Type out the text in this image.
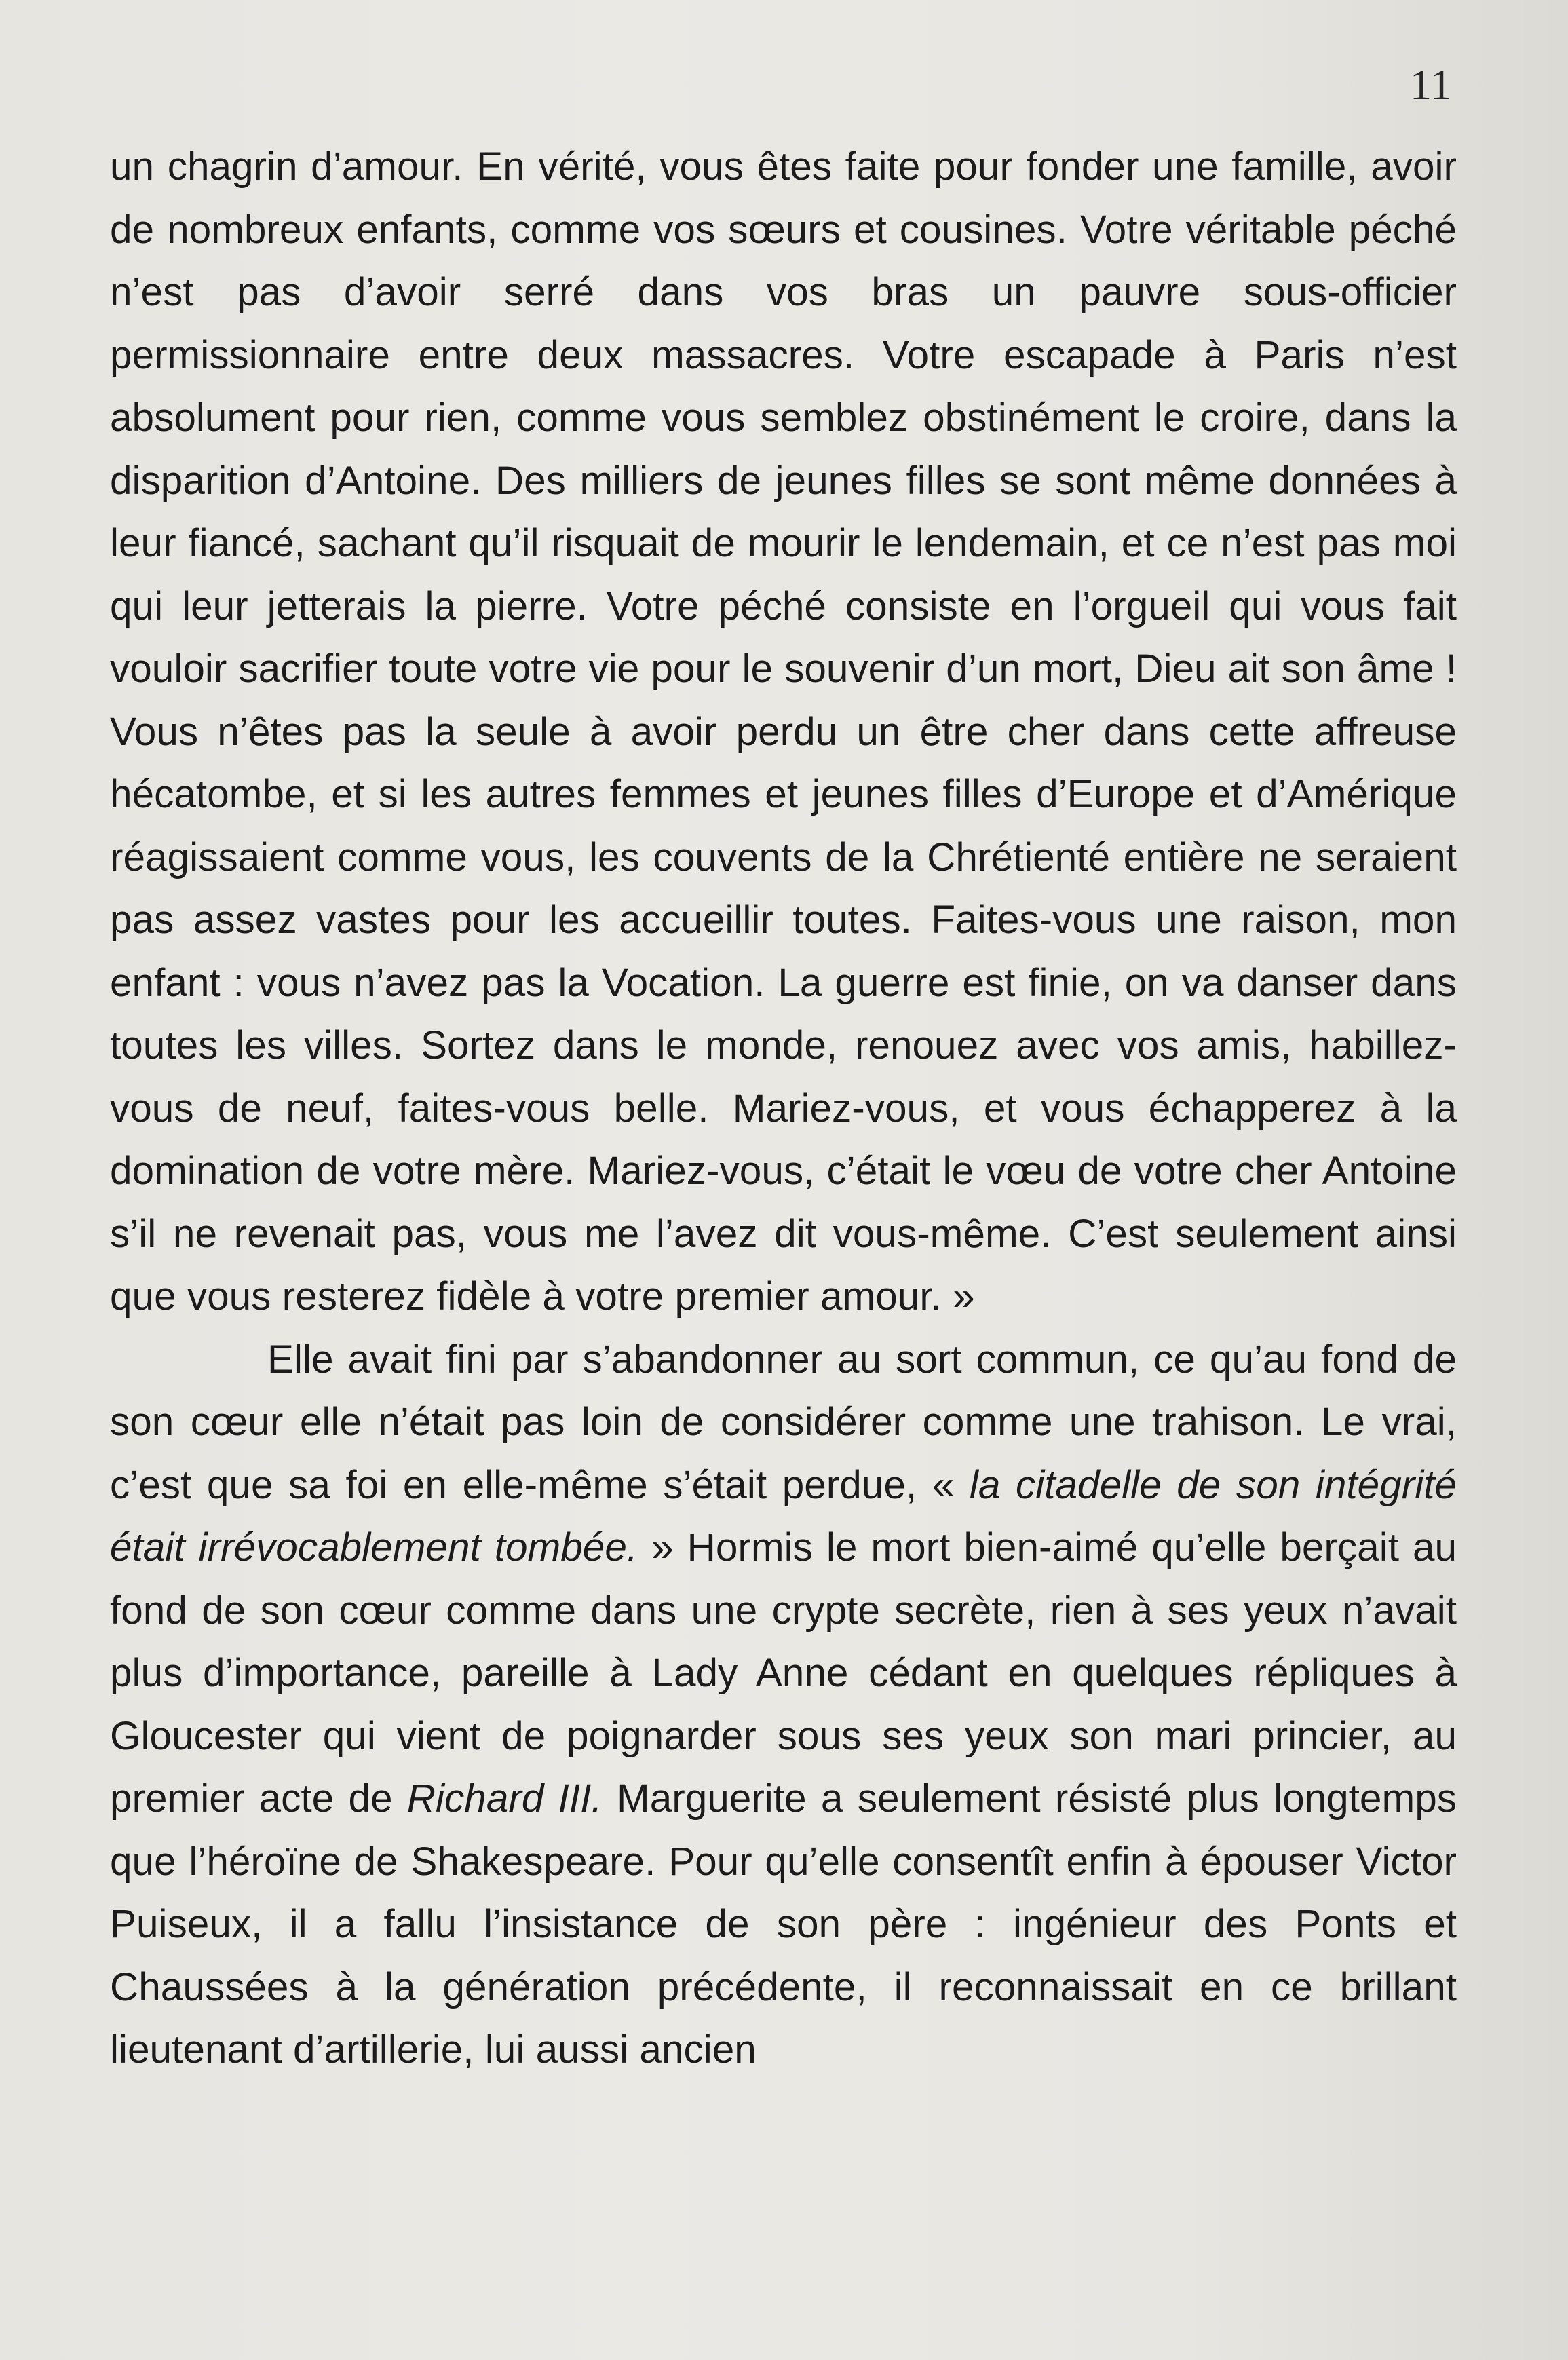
11

un chagrin d’amour. En vérité, vous êtes faite pour fonder une famille, avoir de nombreux enfants, comme vos sœurs et cousines. Votre véritable péché n’est pas d’avoir serré dans vos bras un pauvre sous-officier permissionnaire entre deux massacres. Votre escapade à Paris n’est absolument pour rien, comme vous semblez obstinément le croire, dans la disparition d’Antoine. Des milliers de jeunes filles se sont même données à leur fiancé, sachant qu’il risquait de mourir le lendemain, et ce n’est pas moi qui leur jetterais la pierre. Votre péché consiste en l’orgueil qui vous fait vouloir sacrifier toute votre vie pour le souvenir d’un mort, Dieu ait son âme ! Vous n’êtes pas la seule à avoir perdu un être cher dans cette affreuse hécatombe, et si les autres femmes et jeunes filles d’Europe et d’Amérique réagissaient comme vous, les couvents de la Chrétienté entière ne seraient pas assez vastes pour les accueillir toutes. Faites-vous une raison, mon enfant : vous n’avez pas la Vocation. La guerre est finie, on va danser dans toutes les villes. Sortez dans le monde, renouez avec vos amis, habillez-vous de neuf, faites-vous belle. Mariez-vous, et vous échapperez à la domination de votre mère. Mariez-vous, c’était le vœu de votre cher Antoine s’il ne revenait pas, vous me l’avez dit vous-même. C’est seulement ainsi que vous resterez fidèle à votre premier amour. »

Elle avait fini par s’abandonner au sort commun, ce qu’au fond de son cœur elle n’était pas loin de considérer comme une trahison. Le vrai, c’est que sa foi en elle-même s’était perdue, « la citadelle de son intégrité était irrévocablement tombée. » Hormis le mort bien-aimé qu’elle berçait au fond de son cœur comme dans une crypte secrète, rien à ses yeux n’avait plus d’importance, pareille à Lady Anne cédant en quelques répliques à Gloucester qui vient de poignarder sous ses yeux son mari princier, au premier acte de Richard III. Marguerite a seulement résisté plus longtemps que l’héroïne de Shakespeare. Pour qu’elle consentît enfin à épouser Victor Puiseux, il a fallu l’insistance de son père : ingénieur des Ponts et Chaussées à la génération précédente, il reconnaissait en ce brillant lieutenant d’artillerie, lui aussi ancien
